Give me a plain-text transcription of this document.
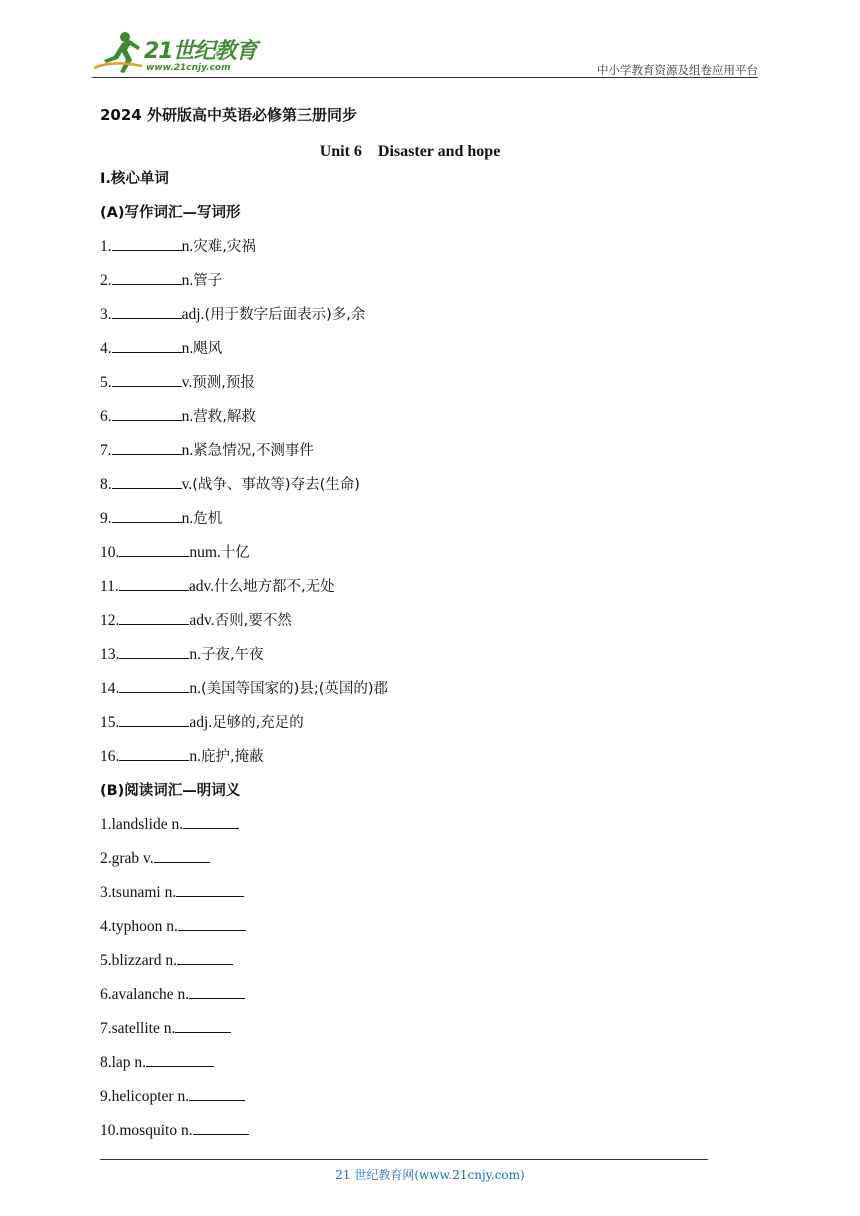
21世纪教育
www.21cnjy.com	中小学教育资源及组卷应用平台
2024 外研版高中英语必修第三册同步
Unit 6　Disaster and hope
Ⅰ.核心单词
(A)写作词汇—写词形
1.	n.灾难,灾祸
2.	n.管子
3.	adj.(用于数字后面表示)多,余
4.	n.飓风
5.	v.预测,预报
6.	n.营救,解救
7.	n.紧急情况,不测事件
8.	v.(战争、事故等)夺去(生命)
9.	n.危机
10.	num.十亿
11.	adv.什么地方都不,无处
12.	adv.否则,要不然
13.	n.子夜,午夜
14.	n.(美国等国家的)县;(英国的)郡
15.	adj.足够的,充足的
16.	n.庇护,掩蔽
(B)阅读词汇—明词义
1.landslide n.
2.grab v.
3.tsunami n.
4.typhoon n.
5.blizzard n.
6.avalanche n.
7.satellite n.
8.lap n.
9.helicopter n.
10.mosquito n.
21 世纪教育网(www.21cnjy.com)
